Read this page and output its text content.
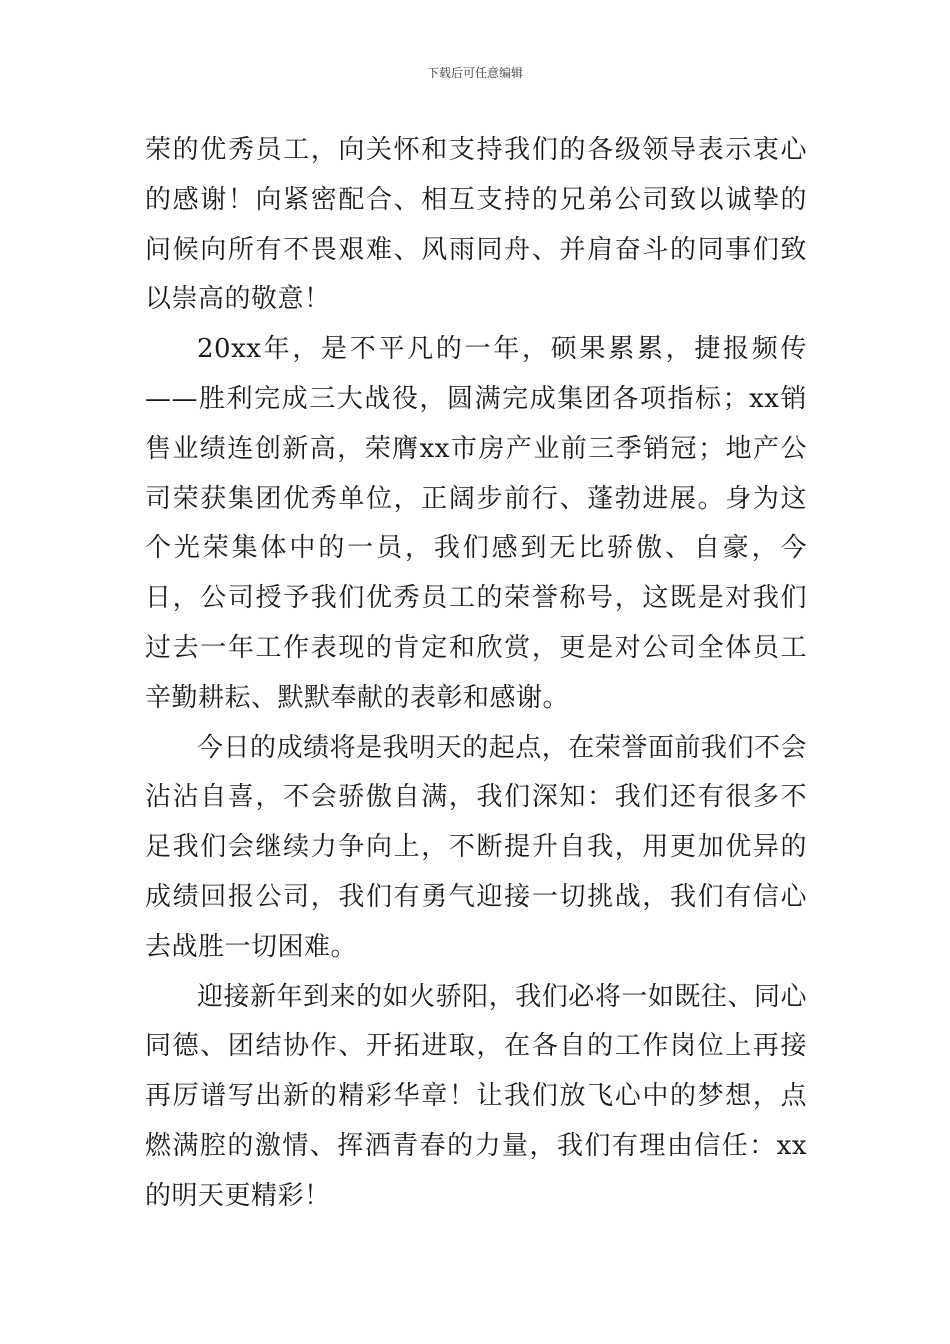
下载后可任意编辑

荣的优秀员工，向关怀和支持我们的各级领导表示衷心的感谢！向紧密配合、相互支持的兄弟公司致以诚挚的问候向所有不畏艰难、风雨同舟、并肩奋斗的同事们致以崇高的敬意！

20xx年，是不平凡的一年，硕果累累，捷报频传——胜利完成三大战役，圆满完成集团各项指标；xx销售业绩连创新高，荣膺xx市房产业前三季销冠；地产公司荣获集团优秀单位，正阔步前行、蓬勃进展。身为这个光荣集体中的一员，我们感到无比骄傲、自豪，今日，公司授予我们优秀员工的荣誉称号，这既是对我们过去一年工作表现的肯定和欣赏，更是对公司全体员工辛勤耕耘、默默奉献的表彰和感谢。

今日的成绩将是我明天的起点，在荣誉面前我们不会沾沾自喜，不会骄傲自满，我们深知：我们还有很多不足我们会继续力争向上，不断提升自我，用更加优异的成绩回报公司，我们有勇气迎接一切挑战，我们有信心去战胜一切困难。

迎接新年到来的如火骄阳，我们必将一如既往、同心同德、团结协作、开拓进取，在各自的工作岗位上再接再厉谱写出新的精彩华章！让我们放飞心中的梦想，点燃满腔的激情、挥洒青春的力量，我们有理由信任：xx的明天更精彩！
